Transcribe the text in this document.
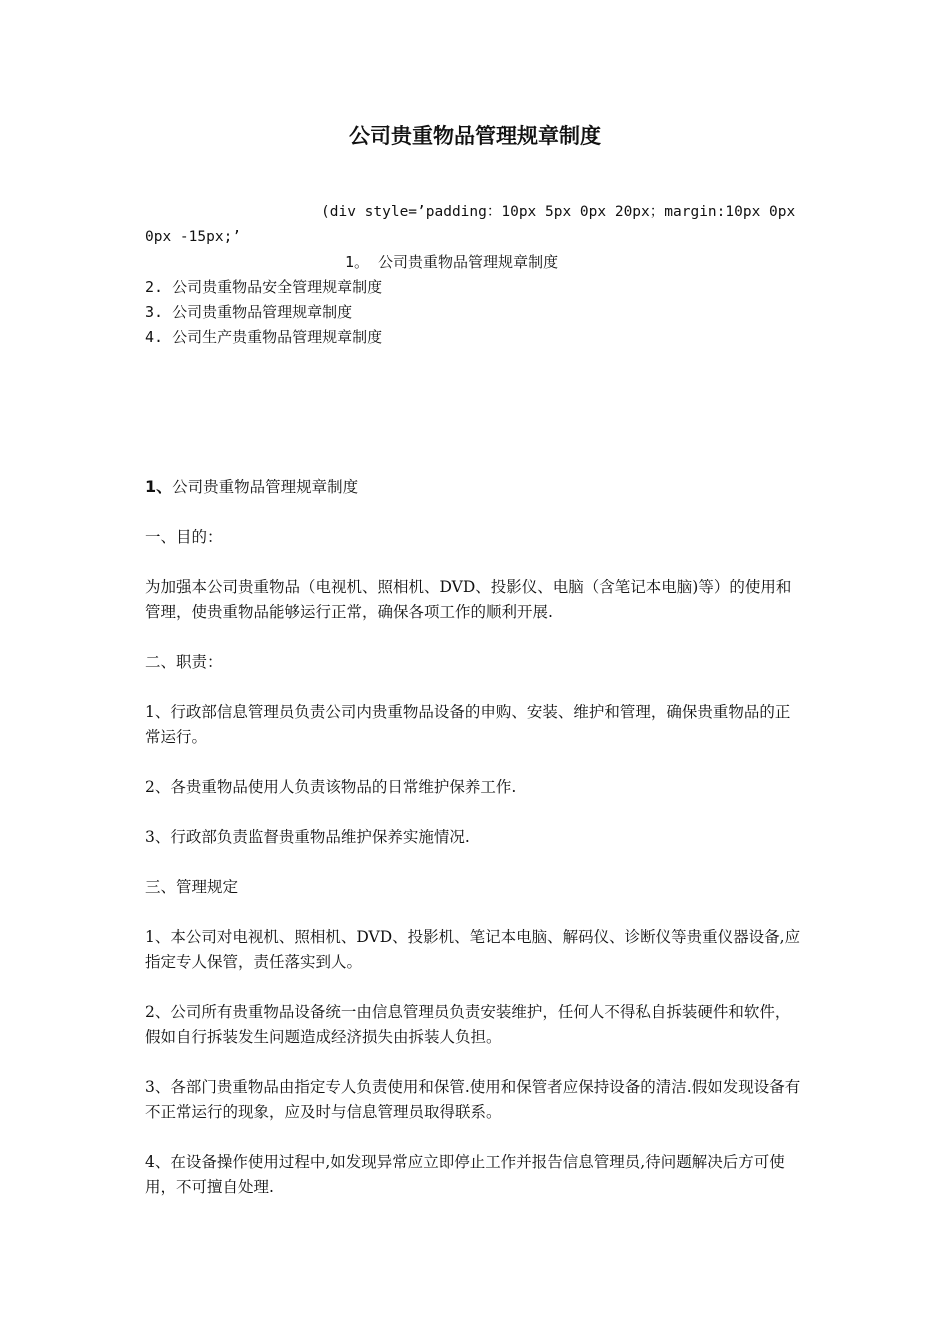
公司贵重物品管理规章制度

(div style=’padding：10px 5px 0px 20px；margin:10px 0px 0px -15px;’

1。 公司贵重物品管理规章制度

2. 公司贵重物品安全管理规章制度

3. 公司贵重物品管理规章制度

4. 公司生产贵重物品管理规章制度

1、公司贵重物品管理规章制度

一、目的：

为加强本公司贵重物品（电视机、照相机、DVD、投影仪、电脑（含笔记本电脑)等）的使用和管理，使贵重物品能够运行正常，确保各项工作的顺利开展.

二、职责：

1、行政部信息管理员负责公司内贵重物品设备的申购、安装、维护和管理，确保贵重物品的正常运行。

2、各贵重物品使用人负责该物品的日常维护保养工作.

3、行政部负责监督贵重物品维护保养实施情况.

三、管理规定

1、本公司对电视机、照相机、DVD、投影机、笔记本电脑、解码仪、诊断仪等贵重仪器设备,应指定专人保管，责任落实到人。

2、公司所有贵重物品设备统一由信息管理员负责安装维护，任何人不得私自拆装硬件和软件，假如自行拆装发生问题造成经济损失由拆装人负担。

3、各部门贵重物品由指定专人负责使用和保管.使用和保管者应保持设备的清洁.假如发现设备有不正常运行的现象，应及时与信息管理员取得联系。

4、在设备操作使用过程中,如发现异常应立即停止工作并报告信息管理员,待问题解决后方可使用，不可擅自处理.
